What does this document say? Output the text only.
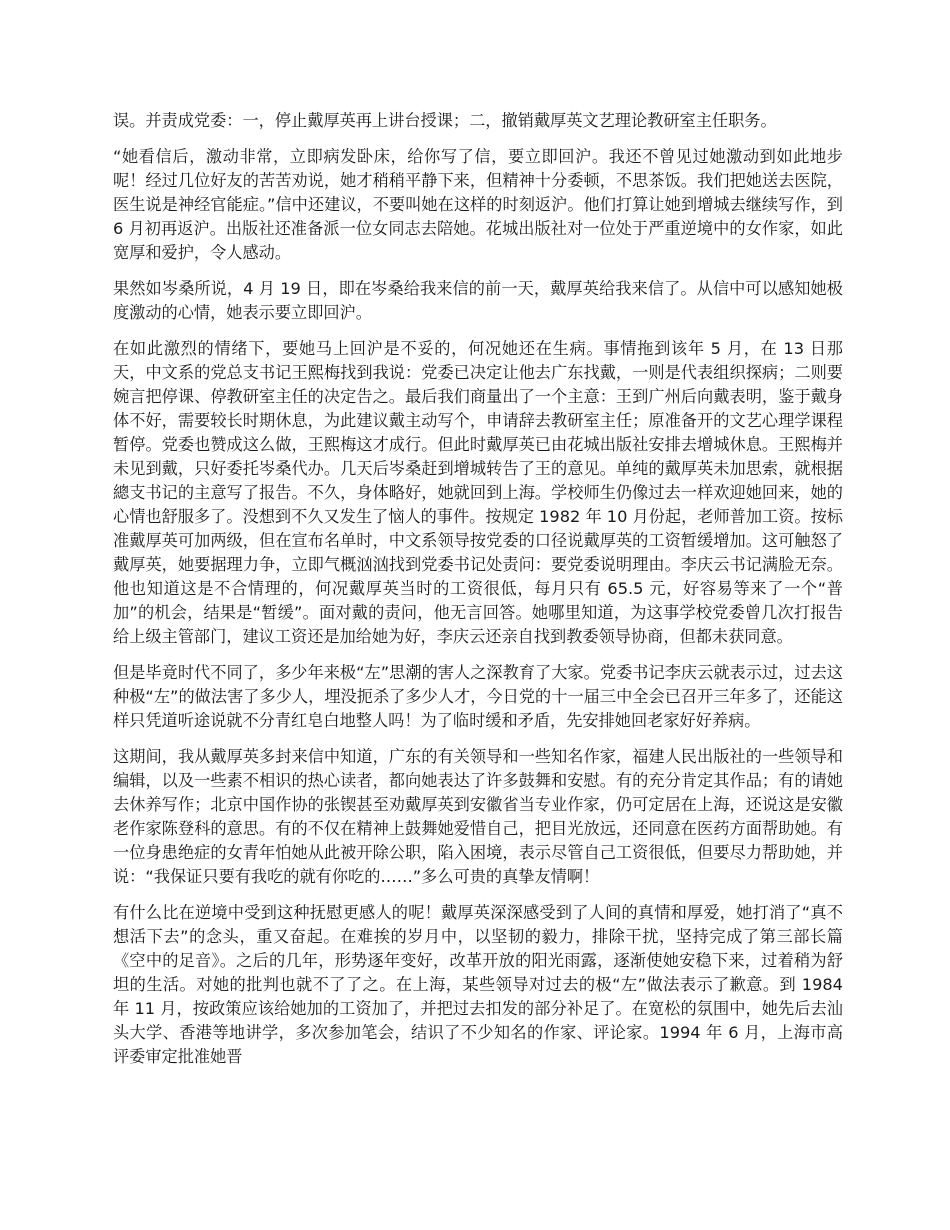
误。并责成党委：一，停止戴厚英再上讲台授课；二，撤销戴厚英文艺理论教研室主任职务。

“她看信后，激动非常，立即病发卧床，给你写了信，要立即回沪。我还不曾见过她激动到如此地步呢！经过几位好友的苦苦劝说，她才稍稍平静下来，但精神十分委顿，不思茶饭。我们把她送去医院，医生说是神经官能症。”信中还建议，不要叫她在这样的时刻返沪。他们打算让她到增城去继续写作，到 6 月初再返沪。出版社还准备派一位女同志去陪她。花城出版社对一位处于严重逆境中的女作家，如此宽厚和爱护，令人感动。

果然如岑桑所说，4 月 19 日，即在岑桑给我来信的前一天，戴厚英给我来信了。从信中可以感知她极度激动的心情，她表示要立即回沪。

在如此激烈的情绪下，要她马上回沪是不妥的，何况她还在生病。事情拖到该年 5 月，在 13 日那天，中文系的党总支书记王熙梅找到我说：党委已决定让他去广东找戴，一则是代表组织探病；二则要婉言把停课、停教研室主任的决定告之。最后我们商量出了一个主意：王到广州后向戴表明，鉴于戴身体不好，需要较长时期休息，为此建议戴主动写个，申请辞去教研室主任；原准备开的文艺心理学课程暂停。党委也赞成这么做，王熙梅这才成行。但此时戴厚英已由花城出版社安排去增城休息。王熙梅并未见到戴，只好委托岑桑代办。几天后岑桑赶到增城转告了王的意见。单纯的戴厚英未加思索，就根据總支书记的主意写了报告。不久，身体略好，她就回到上海。学校师生仍像过去一样欢迎她回来，她的心情也舒服多了。没想到不久又发生了恼人的事件。按规定 1982 年 10 月份起，老师普加工资。按标准戴厚英可加两级，但在宣布名单时，中文系领导按党委的口径说戴厚英的工资暂缓增加。这可触怒了戴厚英，她要据理力争，立即气概汹汹找到党委书记处责问：要党委说明理由。李庆云书记满脸无奈。他也知道这是不合情理的，何况戴厚英当时的工资很低，每月只有 65.5 元，好容易等来了一个“普加”的机会，结果是“暂缓”。面对戴的责问，他无言回答。她哪里知道，为这事学校党委曾几次打报告给上级主管部门，建议工资还是加给她为好，李庆云还亲自找到教委领导协商，但都未获同意。

但是毕竟时代不同了，多少年来极“左”思潮的害人之深教育了大家。党委书记李庆云就表示过，过去这种极“左”的做法害了多少人，埋没扼杀了多少人才，今日党的十一届三中全会已召开三年多了，还能这样只凭道听途说就不分青红皂白地整人吗！为了临时缓和矛盾，先安排她回老家好好养病。

这期间，我从戴厚英多封来信中知道，广东的有关领导和一些知名作家，福建人民出版社的一些领导和编辑，以及一些素不相识的热心读者，都向她表达了许多鼓舞和安慰。有的充分肯定其作品；有的请她去休养写作；北京中国作协的张锲甚至劝戴厚英到安徽省当专业作家，仍可定居在上海，还说这是安徽老作家陈登科的意思。有的不仅在精神上鼓舞她爱惜自己，把目光放远，还同意在医药方面帮助她。有一位身患绝症的女青年怕她从此被开除公职，陷入困境，表示尽管自己工资很低，但要尽力帮助她，并说：“我保证只要有我吃的就有你吃的……”多么可贵的真挚友情啊！

有什么比在逆境中受到这种抚慰更感人的呢！戴厚英深深感受到了人间的真情和厚爱，她打消了“真不想活下去”的念头，重又奋起。在难挨的岁月中，以坚韧的毅力，排除干扰，坚持完成了第三部长篇《空中的足音》。之后的几年，形势逐年变好，改革开放的阳光雨露，逐渐使她安稳下来，过着稍为舒坦的生活。对她的批判也就不了了之。在上海，某些领导对过去的极“左”做法表示了歉意。到 1984 年 11 月，按政策应该给她加的工资加了，并把过去扣发的部分补足了。在宽松的氛围中，她先后去汕头大学、香港等地讲学，多次参加笔会，结识了不少知名的作家、评论家。1994 年 6 月，上海市高评委审定批准她晋
